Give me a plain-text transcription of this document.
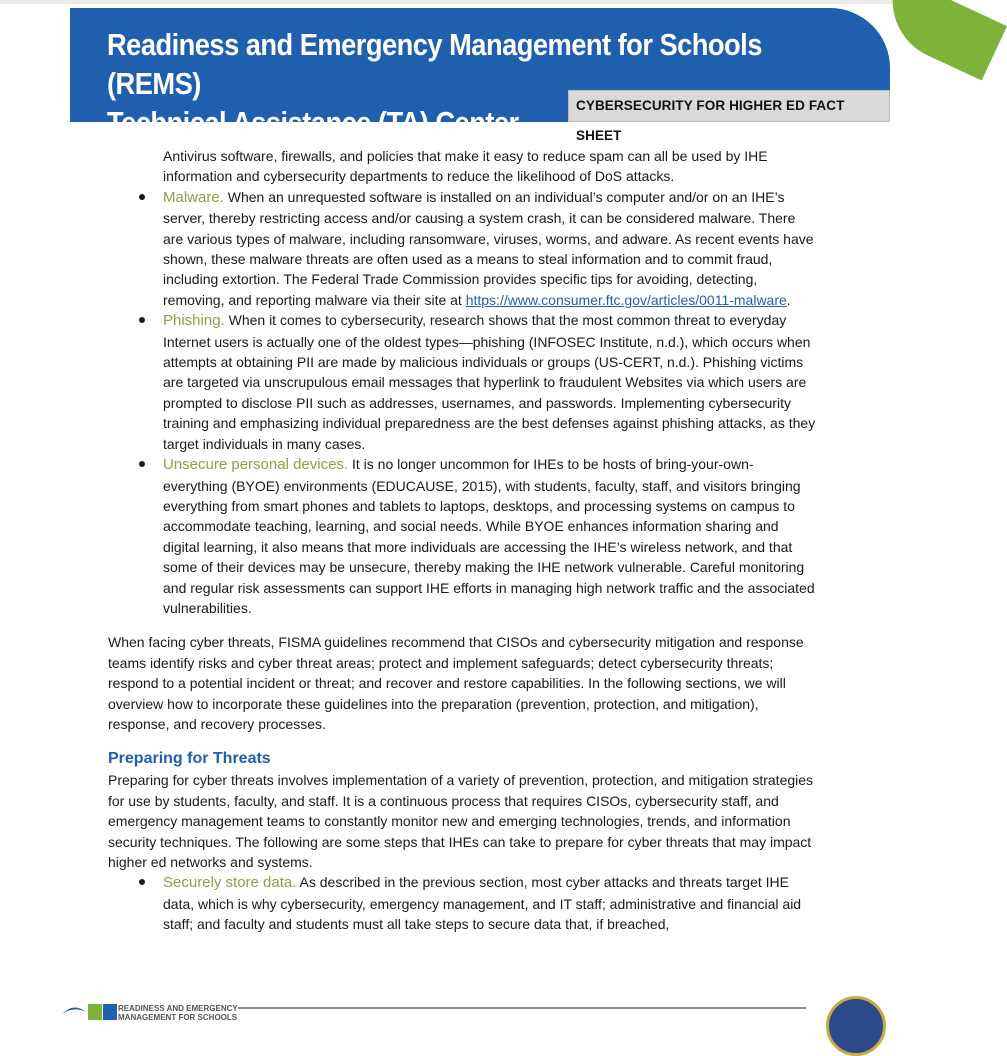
Readiness and Emergency Management for Schools (REMS)
Technical Assistance (TA) Center	CYBERSECURITY FOR HIGHER ED FACT SHEET

Antivirus software, firewalls, and policies that make it easy to reduce spam can all be used by IHE information and cybersecurity departments to reduce the likelihood of DoS attacks.

Malware. When an unrequested software is installed on an individual’s computer and/or on an IHE’s server, thereby restricting access and/or causing a system crash, it can be considered malware. There are various types of malware, including ransomware, viruses, worms, and adware. As recent events have shown, these malware threats are often used as a means to steal information and to commit fraud, including extortion. The Federal Trade Commission provides specific tips for avoiding, detecting, removing, and reporting malware via their site at https://www.consumer.ftc.gov/articles/0011-malware.
Phishing. When it comes to cybersecurity, research shows that the most common threat to everyday Internet users is actually one of the oldest types—phishing (INFOSEC Institute, n.d.), which occurs when attempts at obtaining PII are made by malicious individuals or groups (US-CERT, n.d.). Phishing victims are targeted via unscrupulous email messages that hyperlink to fraudulent Websites via which users are prompted to disclose PII such as addresses, usernames, and passwords. Implementing cybersecurity training and emphasizing individual preparedness are the best defenses against phishing attacks, as they target individuals in many cases.
Unsecure personal devices. It is no longer uncommon for IHEs to be hosts of bring-your-own-everything (BYOE) environments (EDUCAUSE, 2015), with students, faculty, staff, and visitors bringing everything from smart phones and tablets to laptops, desktops, and processing systems on campus to accommodate teaching, learning, and social needs. While BYOE enhances information sharing and digital learning, it also means that more individuals are accessing the IHE’s wireless network, and that some of their devices may be unsecure, thereby making the IHE network vulnerable. Careful monitoring and regular risk assessments can support IHE efforts in managing high network traffic and the associated vulnerabilities.

When facing cyber threats, FISMA guidelines recommend that CISOs and cybersecurity mitigation and response teams identify risks and cyber threat areas; protect and implement safeguards; detect cybersecurity threats; respond to a potential incident or threat; and recover and restore capabilities. In the following sections, we will overview how to incorporate these guidelines into the preparation (prevention, protection, and mitigation), response, and recovery processes.

Preparing for Threats

Preparing for cyber threats involves implementation of a variety of prevention, protection, and mitigation strategies for use by students, faculty, and staff. It is a continuous process that requires CISOs, cybersecurity staff, and emergency management teams to constantly monitor new and emerging technologies, trends, and information security techniques. The following are some steps that IHEs can take to prepare for cyber threats that may impact higher ed networks and systems.

Securely store data. As described in the previous section, most cyber attacks and threats target IHE data, which is why cybersecurity, emergency management, and IT staff; administrative and financial aid staff; and faculty and students must all take steps to secure data that, if breached,
READINESS AND EMERGENCY
MANAGEMENT FOR SCHOOLS
